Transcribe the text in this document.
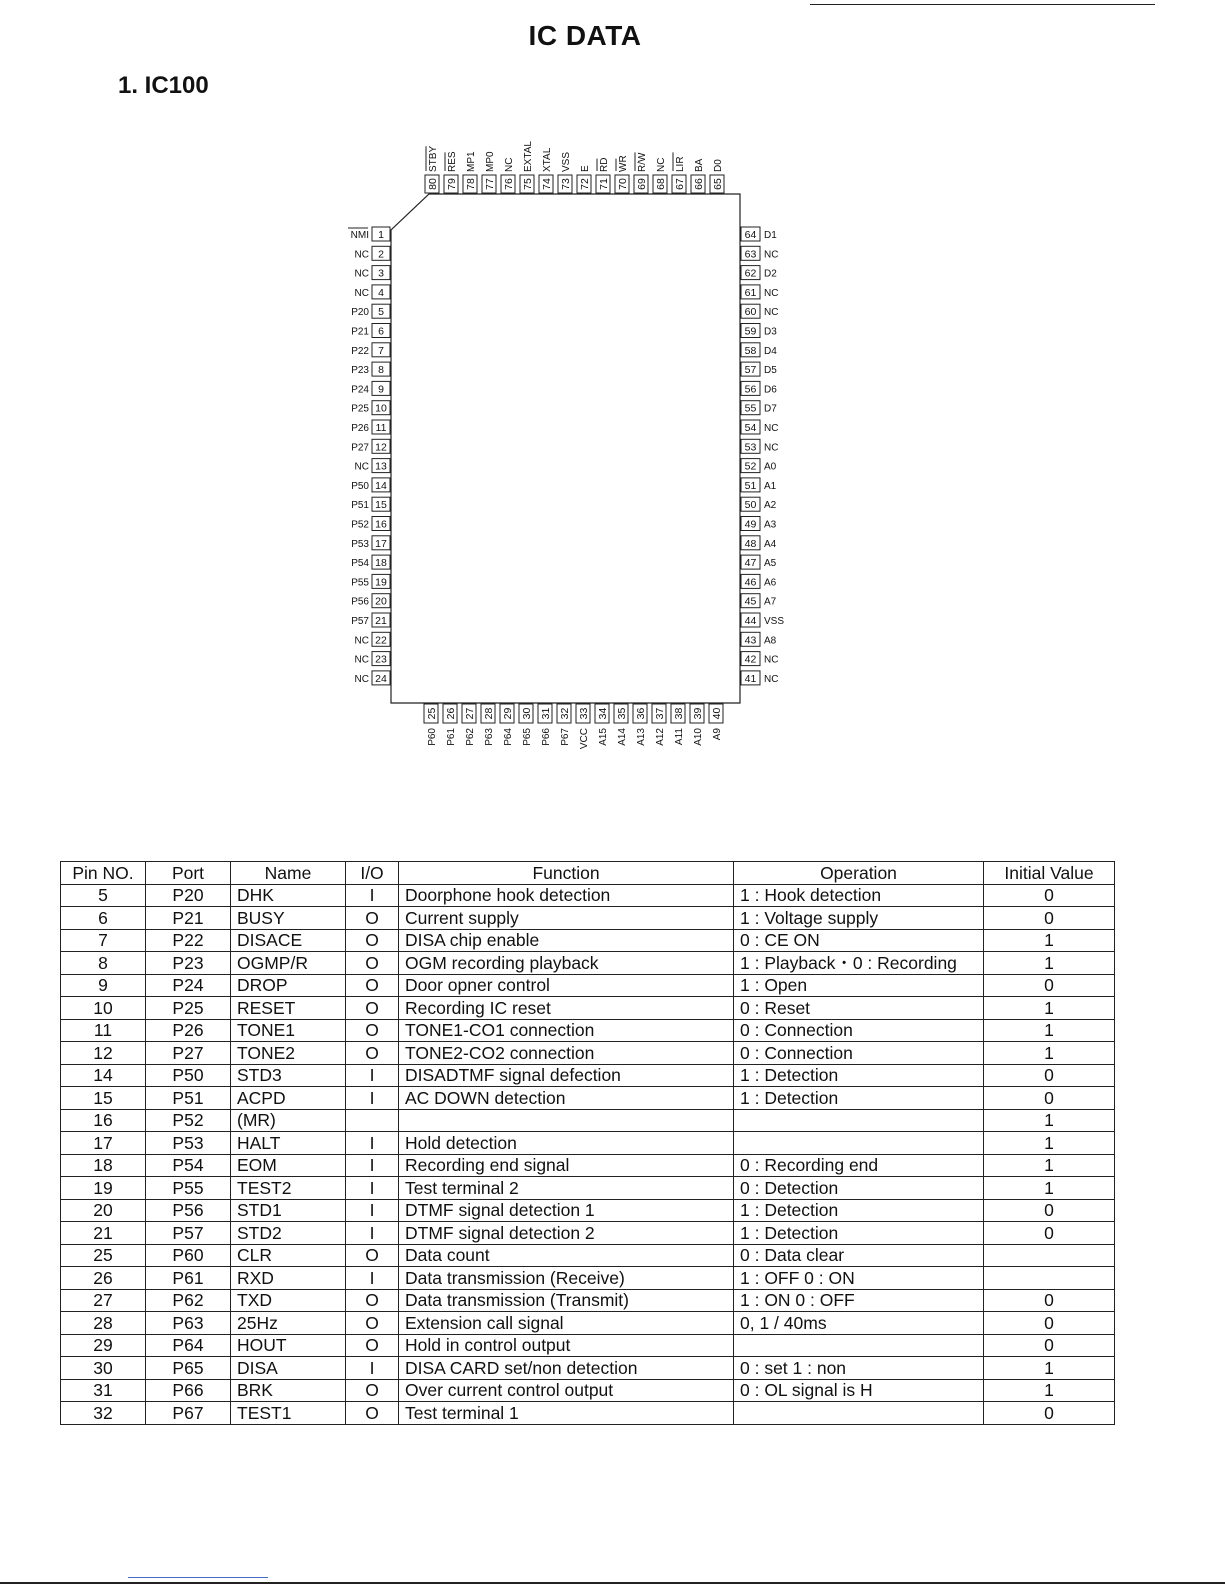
IC DATA
1. IC100
1
NMI
2
NC
3
NC
4
NC
5
P20
6
P21
7
P22
8
P23
9
P24
10
P25
11
P26
12
P27
13
NC
14
P50
15
P51
16
P52
17
P53
18
P54
19
P55
20
P56
21
P57
22
NC
23
NC
24
NC
64 D1
63 NC
62 D2
61 NC
60 NC
59 D3
58 D4
57 D5
56 D6
55 D7
54 NC
53 NC
52 A0
51 A1
50 A2
49 A3
48 A4
47 A5
46 A6
45 A7
44 VSS
43 A8
42 NC
41 NC
80
STBY
79
RES
78
MP1
77
MP0
76
NC
75
EXTAL
74
XTAL
73
VSS
72
E
71
RD
70
WR
69
R/W
68
NC
67
LIR
66
BA
65
D0
25
P60
26
P61
27
P62
28
P63
29
P64
30
P65
31
P66
32
P67
33
VCC
34
A15
35
A14
36
A13
37
A12
38
A11
39
A10
40
A9
Pin NO.	Port	Name	I/O	Function	Operation	Initial Value
5	P20	DHK	I	Doorphone hook detection	1 : Hook detection	0
6	P21	BUSY	O	Current supply	1 : Voltage supply	0
7	P22	DISACE	O	DISA chip enable	0 : CE ON	1
8	P23	OGMP/R	O	OGM recording playback	1 : Playback・0 : Recording	1
9	P24	DROP	O	Door opner control	1 : Open	0
10	P25	RESET	O	Recording IC reset	0 : Reset	1
11	P26	TONE1	O	TONE1-CO1 connection	0 : Connection	1
12	P27	TONE2	O	TONE2-CO2 connection	0 : Connection	1
14	P50	STD3	I	DISADTMF signal defection	1 : Detection	0
15	P51	ACPD	I	AC DOWN detection	1 : Detection	0
16	P52	(MR)				1
17	P53	HALT	I	Hold detection		1
18	P54	EOM	I	Recording end signal	0 : Recording end	1
19	P55	TEST2	I	Test terminal 2	0 : Detection	1
20	P56	STD1	I	DTMF signal detection 1	1 : Detection	0
21	P57	STD2	I	DTMF signal detection 2	1 : Detection	0
25	P60	CLR	O	Data count	0 : Data clear	
26	P61	RXD	I	Data transmission (Receive)	1 : OFF 0 : ON	
27	P62	TXD	O	Data transmission (Transmit)	1 : ON 0 : OFF	0
28	P63	25Hz	O	Extension call signal	0, 1 / 40ms	0
29	P64	HOUT	O	Hold in control output		0
30	P65	DISA	I	DISA CARD set/non detection	0 : set 1 : non	1
31	P66	BRK	O	Over current control output	0 : OL signal is H	1
32	P67	TEST1	O	Test terminal 1		0
